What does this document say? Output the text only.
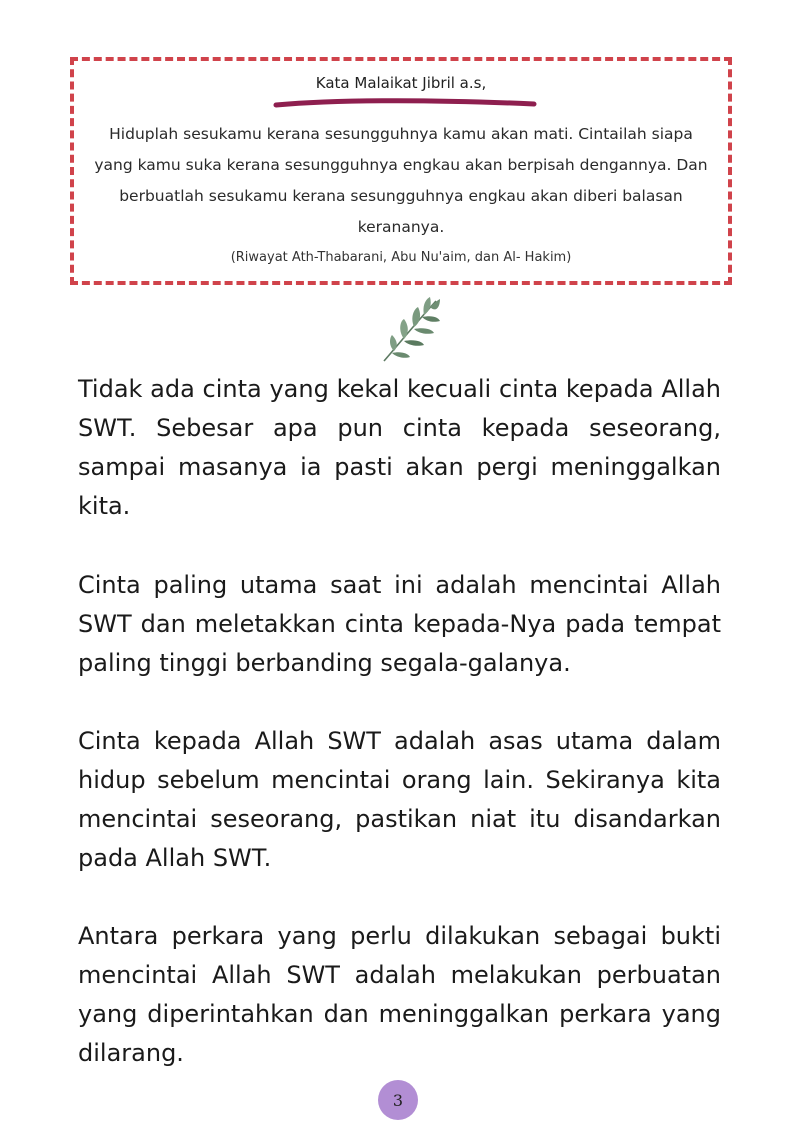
Kata Malaikat Jibril a.s,
Hiduplah sesukamu kerana sesungguhnya kamu akan mati. Cintailah siapa yang kamu suka kerana sesungguhnya engkau akan berpisah dengannya. Dan berbuatlah sesukamu kerana sesungguhnya engkau akan diberi balasan kerananya.
(Riwayat Ath-Thabarani, Abu Nu'aim, dan Al- Hakim)

Tidak ada cinta yang kekal kecuali cinta kepada Allah SWT. Sebesar apa pun cinta kepada seseorang, sampai masanya ia pasti akan pergi meninggalkan kita.

Cinta paling utama saat ini adalah mencintai Allah SWT dan meletakkan cinta kepada-Nya pada tempat paling tinggi berbanding segala-galanya.

Cinta kepada Allah SWT adalah asas utama dalam hidup sebelum mencintai orang lain. Sekiranya kita mencintai seseorang, pastikan niat itu disandarkan pada Allah SWT.

Antara perkara yang perlu dilakukan sebagai bukti mencintai Allah SWT adalah melakukan perbuatan yang diperintahkan dan meninggalkan perkara yang dilarang.

3
